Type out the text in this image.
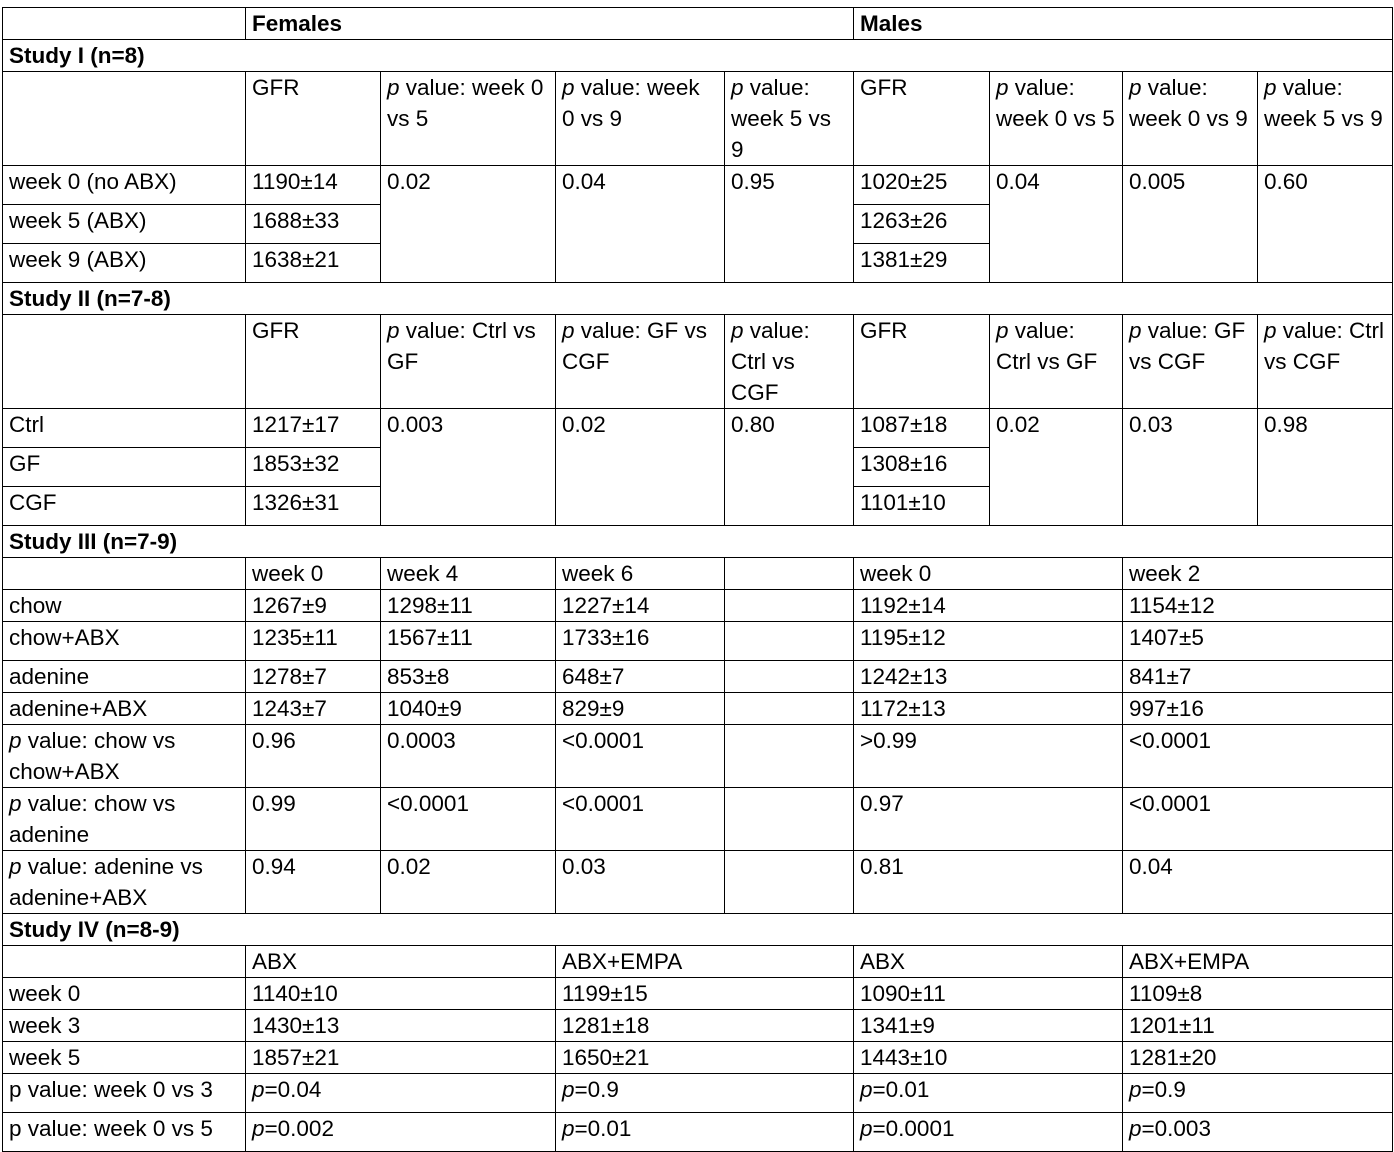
	Females				Males			
Study I (n=8)								
	GFR	p value: week 0 vs 5	p value: week 0 vs 9	p value: week 5 vs 9	GFR	p value: week 0 vs 5	p value: week 0 vs 9	p value: week 5 vs 9
week 0 (no ABX)	1190±14	0.02	0.04	0.95	1020±25	0.04	0.005	0.60
week 5 (ABX)	1688±33				1263±26			
week 9 (ABX)	1638±21				1381±29			
Study II (n=7-8)								
	GFR	p value: Ctrl vs GF	p value: GF vs CGF	p value: Ctrl vs CGF	GFR	p value: Ctrl vs GF	p value: GF vs CGF	p value: Ctrl vs CGF
Ctrl	1217±17	0.003	0.02	0.80	1087±18	0.02	0.03	0.98
GF	1853±32				1308±16			
CGF	1326±31				1101±10			
Study III (n=7-9)								
	week 0	week 4	week 6		week 0		week 2	
chow	1267±9	1298±11	1227±14		1192±14		1154±12	
chow+ABX	1235±11	1567±11	1733±16		1195±12		1407±5	
adenine	1278±7	853±8	648±7		1242±13		841±7	
adenine+ABX	1243±7	1040±9	829±9		1172±13		997±16	
p value: chow vs chow+ABX	0.96	0.0003	<0.0001		>0.99		<0.0001	
p value: chow vs adenine	0.99	<0.0001	<0.0001		0.97		<0.0001	
p value: adenine vs adenine+ABX	0.94	0.02	0.03		0.81		0.04	
Study IV (n=8-9)								
	ABX		ABX+EMPA		ABX		ABX+EMPA	
week 0	1140±10		1199±15		1090±11		1109±8	
week 3	1430±13		1281±18		1341±9		1201±11	
week 5	1857±21		1650±21		1443±10		1281±20	
p value: week 0 vs 3	p=0.04		p=0.9		p=0.01		p=0.9	
p value: week 0 vs 5	p=0.002		p=0.01		p=0.0001		p=0.003	
